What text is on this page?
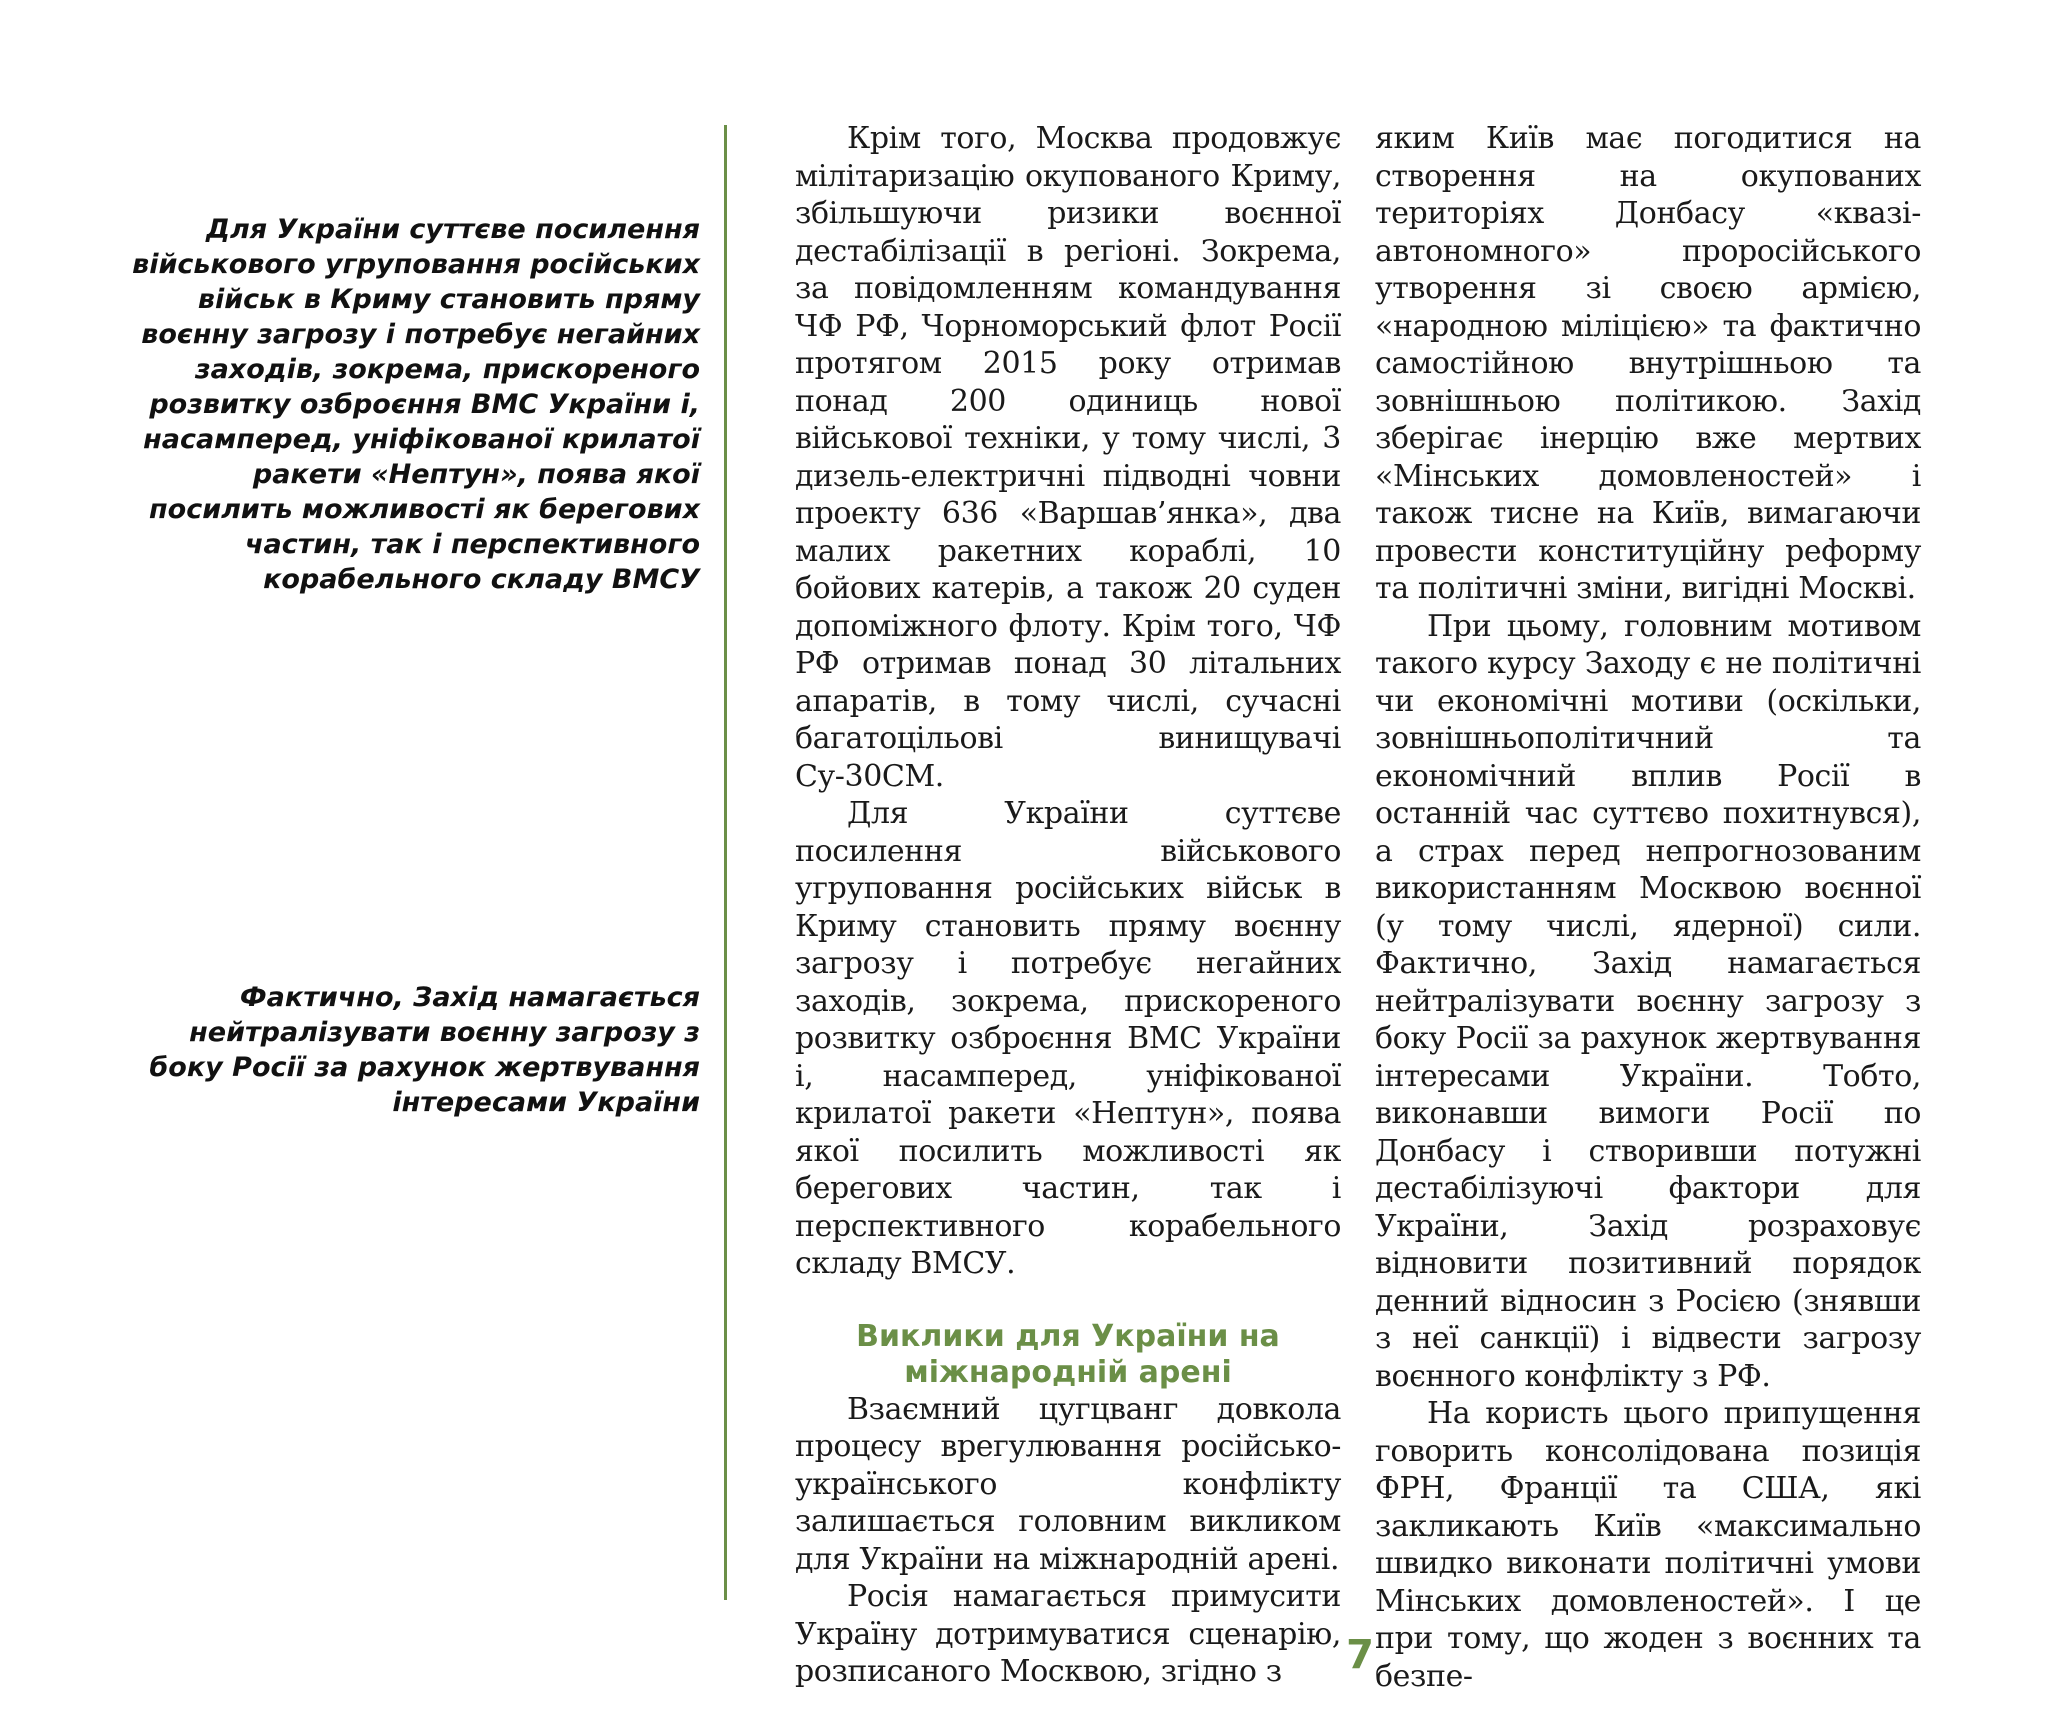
Для України суттєве посилення військового угруповання російських військ в Криму становить пряму воєнну загрозу і потребує негайних заходів, зокрема, прискореного розвитку озброєння ВМС України і, насамперед, уніфікованої крилатої ракети «Нептун», поява якої посилить можливості як берегових частин, так і перспективного корабельного складу ВМСУ
Фактично, Захід намагається нейтралізувати воєнну загрозу з боку Росії за рахунок жертвування інтересами України

Крім того, Москва продовжує мілітаризацію окупованого Криму, збільшуючи ризики воєнної дестабілізації в регіоні. Зокрема, за повідомленням командування ЧФ РФ, Чорноморський флот Росії протягом 2015 року отримав понад 200 одиниць нової військової техніки, у тому числі, 3 дизель-електричні підводні човни проекту 636 «Варшав’янка», два малих ракетних кораблі, 10 бойових катерів, а також 20 суден допоміжного флоту. Крім того, ЧФ РФ отримав понад 30 літальних апаратів, в тому числі, сучасні багатоцільові винищувачі Су-30СМ.

Для України суттєве посилення військового угруповання російських військ в Криму становить пряму воєнну загрозу і потребує негайних заходів, зокрема, прискореного розвитку озброєння ВМС України і, насамперед, уніфікованої крилатої ракети «Нептун», поява якої посилить можливості як берегових частин, так і перспективного корабельного складу ВМСУ.

Виклики для України на міжнародній арені

Взаємний цугцванг довкола процесу врегулювання російсько-українського конфлікту залишається головним викликом для України на міжнародній арені.

Росія намагається примусити Україну дотримуватися сценарію, розписаного Москвою, згідно з

яким Київ має погодитися на створення на окупованих територіях Донбасу «квазі-автономного» проросійського утворення зі своєю армією, «народною міліцією» та фактично самостійною внутрішньою та зовнішньою політикою. Захід зберігає інерцію вже мертвих «Мінських домовленостей» і також тисне на Київ, вимагаючи провести конституційну реформу та політичні зміни, вигідні Москві.

При цьому, головним мотивом такого курсу Заходу є не політичні чи економічні мотиви (оскільки, зовнішньополітичний та економічний вплив Росії в останній час суттєво похитнувся), а страх перед непрогнозованим використанням Москвою воєнної (у тому числі, ядерної) сили. Фактично, Захід намагається нейтралізувати воєнну загрозу з боку Росії за рахунок жертвування інтересами України. Тобто, виконавши вимоги Росії по Донбасу і створивши потужні дестабілізуючі фактори для України, Захід розраховує відновити позитивний порядок денний відносин з Росією (знявши з неї санкції) і відвести загрозу воєнного конфлікту з РФ.

На користь цього припущення говорить консолідована позиція ФРН, Франції та США, які закликають Київ «максимально швидко виконати політичні умови Мінських домовленостей». І це при тому, що жоден з воєнних та безпе-

7
